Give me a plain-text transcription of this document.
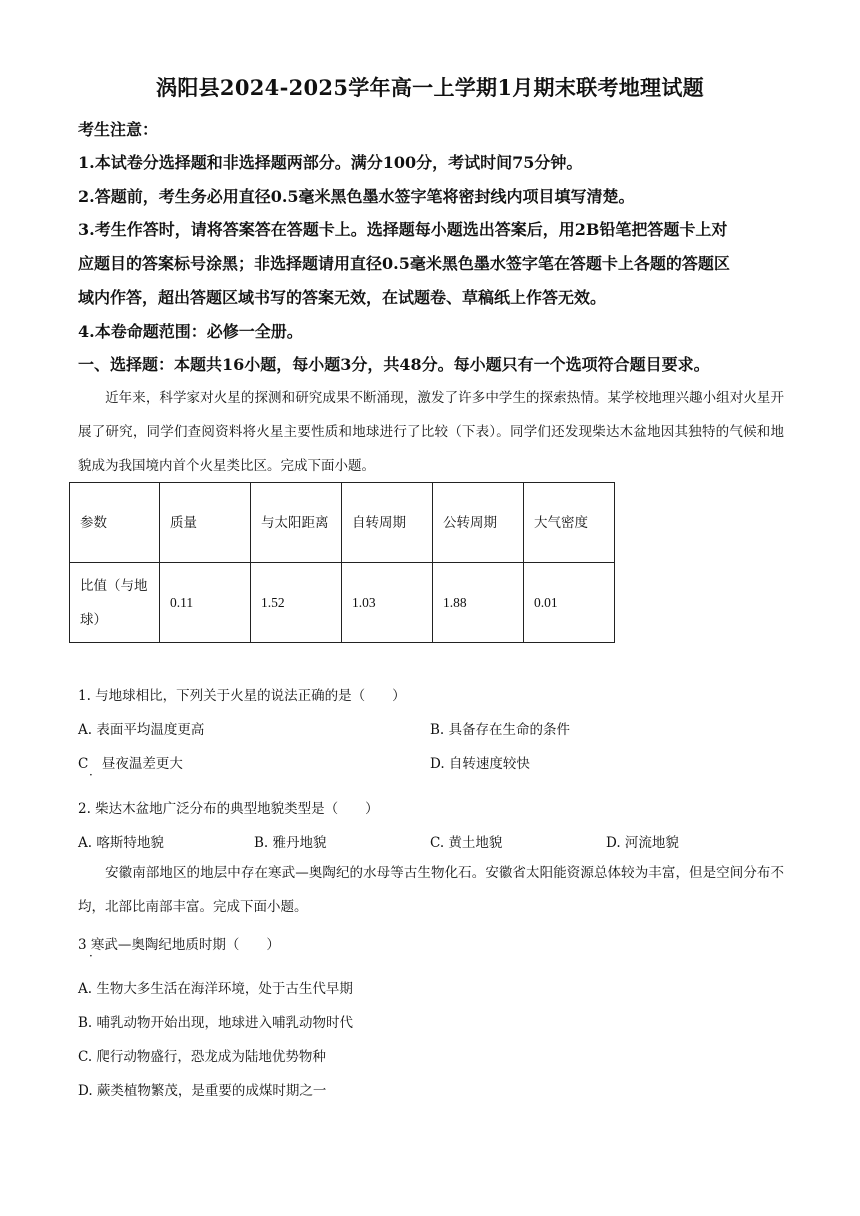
涡阳县2024-2025学年高一上学期1月期末联考地理试题
考生注意：
1.本试卷分选择题和非选择题两部分。满分100分，考试时间75分钟。
2.答题前，考生务必用直径0.5毫米黑色墨水签字笔将密封线内项目填写清楚。
3.考生作答时，请将答案答在答题卡上。选择题每小题选出答案后，用2B铅笔把答题卡上对
应题目的答案标号涂黑；非选择题请用直径0.5毫米黑色墨水签字笔在答题卡上各题的答题区
域内作答，超出答题区域书写的答案无效，在试题卷、草稿纸上作答无效。
4.本卷命题范围：必修一全册。
一、选择题：本题共16小题，每小题3分，共48分。每小题只有一个选项符合题目要求。
近年来，科学家对火星的探测和研究成果不断涌现，激发了许多中学生的探索热情。某学校地理兴趣小组对火星开展了研究，同学们查阅资料将火星主要性质和地球进行了比较（下表）。同学们还发现柴达木盆地因其独特的气候和地貌成为我国境内首个火星类比区。完成下面小题。
参数	质量	与太阳距离	自转周期	公转周期	大气密度
比值（与地球）	0.11	1.52	1.03	1.88	0.01
1. 与地球相比，下列关于火星的说法正确的是（　　）
A. 表面平均温度更高	B. 具备存在生命的条件
C　昼夜温差更大
·
D. 自转速度较快
2. 柴达木盆地广泛分布的典型地貌类型是（　　）
A. 喀斯特地貌	B. 雅丹地貌	C. 黄土地貌	D. 河流地貌
安徽南部地区的地层中存在寒武—奥陶纪的水母等古生物化石。安徽省太阳能资源总体较为丰富，但是空间分布不均，北部比南部丰富。完成下面小题。
3 寒武—奥陶纪地质时期（　　）
·
A. 生物大多生活在海洋环境，处于古生代早期
B. 哺乳动物开始出现，地球进入哺乳动物时代
C. 爬行动物盛行，恐龙成为陆地优势物种
D. 蕨类植物繁茂，是重要的成煤时期之一
